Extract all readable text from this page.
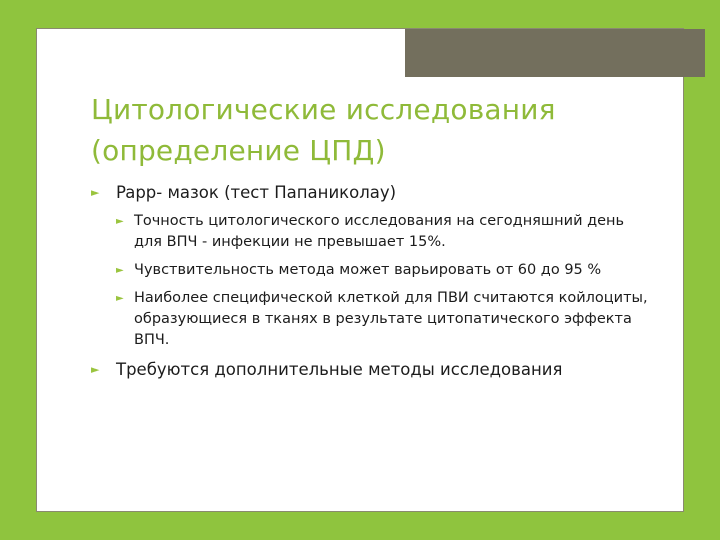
Цитологические исследования (определение ЦПД)
► Papp- мазок (тест Папаниколау)
► Точность цитологического исследования на сегодняшний день для ВПЧ - инфекции не превышает 15%.
► Чувствительность метода может варьировать от 60 до 95 %
► Наиболее специфической клеткой для ПВИ считаются койлоциты, образующиеся в тканях в результате цитопатического эффекта ВПЧ.
► Требуются дополнительные методы исследования
